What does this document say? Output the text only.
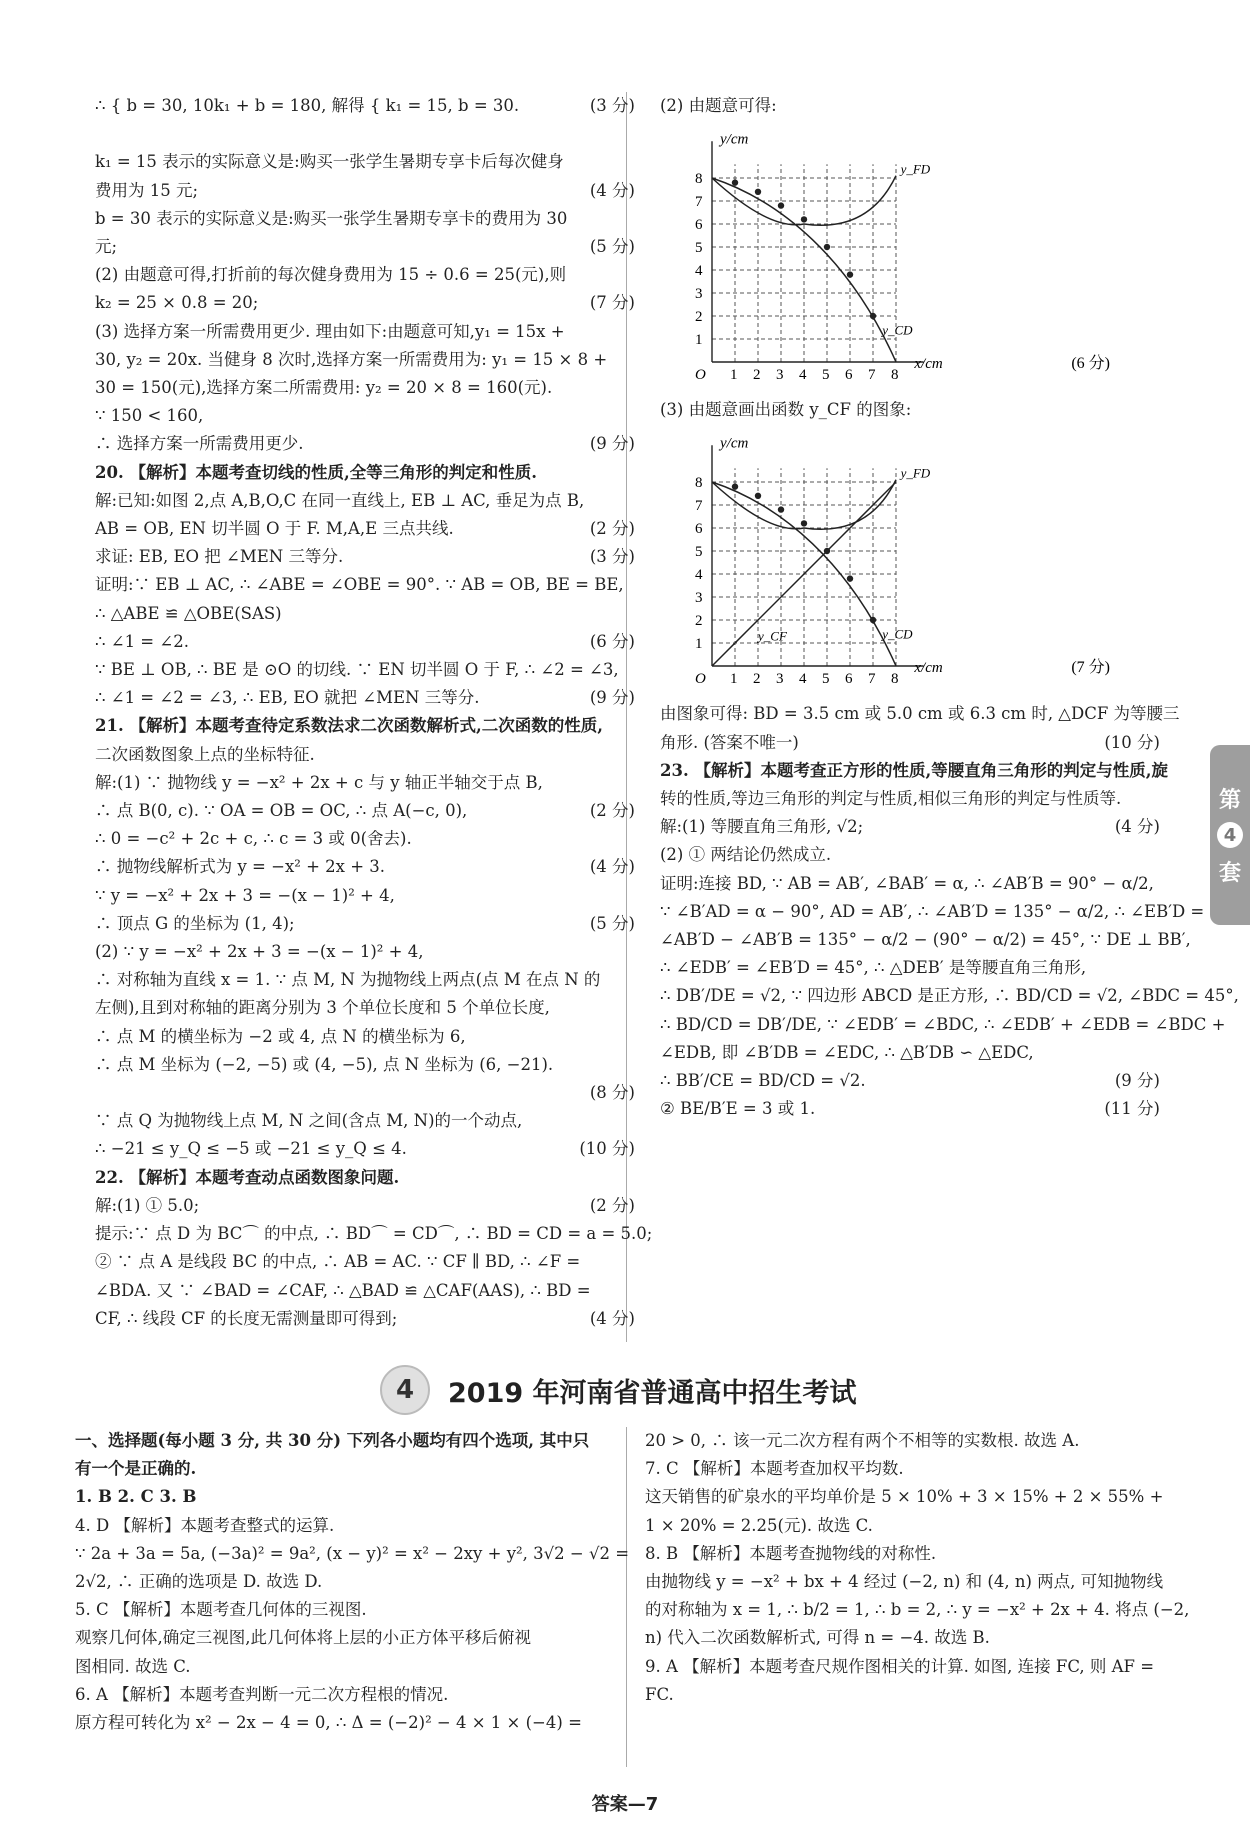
∴ { b = 30, 10k₁ + b = 180, 解得 { k₁ = 15, b = 30.	(3 分)
k₁ = 15 表示的实际意义是:购买一张学生暑期专享卡后每次健身
费用为 15 元;	(4 分)
b = 30 表示的实际意义是:购买一张学生暑期专享卡的费用为 30
元;	(5 分)
(2) 由题意可得,打折前的每次健身费用为 15 ÷ 0.6 = 25(元),则
k₂ = 25 × 0.8 = 20;	(7 分)
(3) 选择方案一所需费用更少. 理由如下:由题意可知,y₁ = 15x +
30, y₂ = 20x. 当健身 8 次时,选择方案一所需费用为: y₁ = 15 × 8 +
30 = 150(元),选择方案二所需费用: y₂ = 20 × 8 = 160(元).
∵ 150 < 160,
∴ 选择方案一所需费用更少.	(9 分)
20. 【解析】本题考查切线的性质,全等三角形的判定和性质.
解:已知:如图 2,点 A,B,O,C 在同一直线上, EB ⊥ AC, 垂足为点 B,
AB = OB, EN 切半圆 O 于 F. M,A,E 三点共线.	(2 分)
求证: EB, EO 把 ∠MEN 三等分.	(3 分)
证明:∵ EB ⊥ AC, ∴ ∠ABE = ∠OBE = 90°. ∵ AB = OB, BE = BE,
∴ △ABE ≌ △OBE(SAS)
∴ ∠1 = ∠2.	(6 分)
∵ BE ⊥ OB, ∴ BE 是 ⊙O 的切线. ∵ EN 切半圆 O 于 F, ∴ ∠2 = ∠3,
∴ ∠1 = ∠2 = ∠3, ∴ EB, EO 就把 ∠MEN 三等分.	(9 分)
21. 【解析】本题考查待定系数法求二次函数解析式,二次函数的性质,
二次函数图象上点的坐标特征.
解:(1) ∵ 抛物线 y = −x² + 2x + c 与 y 轴正半轴交于点 B,
∴ 点 B(0, c). ∵ OA = OB = OC, ∴ 点 A(−c, 0),	(2 分)
∴ 0 = −c² + 2c + c, ∴ c = 3 或 0(舍去).
∴ 抛物线解析式为 y = −x² + 2x + 3.	(4 分)
∵ y = −x² + 2x + 3 = −(x − 1)² + 4,
∴ 顶点 G 的坐标为 (1, 4);	(5 分)
(2) ∵ y = −x² + 2x + 3 = −(x − 1)² + 4,
∴ 对称轴为直线 x = 1. ∵ 点 M, N 为抛物线上两点(点 M 在点 N 的
左侧),且到对称轴的距离分别为 3 个单位长度和 5 个单位长度,
∴ 点 M 的横坐标为 −2 或 4, 点 N 的横坐标为 6,
∴ 点 M 坐标为 (−2, −5) 或 (4, −5), 点 N 坐标为 (6, −21).
(8 分)
∵ 点 Q 为抛物线上点 M, N 之间(含点 M, N)的一个动点,
∴ −21 ≤ y_Q ≤ −5 或 −21 ≤ y_Q ≤ 4.	(10 分)
22. 【解析】本题考查动点函数图象问题.
解:(1) ① 5.0;	(2 分)
提示:∵ 点 D 为 BC⌒ 的中点, ∴ BD⌒ = CD⌒, ∴ BD = CD = a = 5.0;
② ∵ 点 A 是线段 BC 的中点, ∴ AB = AC. ∵ CF ∥ BD, ∴ ∠F =
∠BDA. 又 ∵ ∠BAD = ∠CAF, ∴ △BAD ≌ △CAF(AAS), ∴ BD =
CF, ∴ 线段 CF 的长度无需测量即可得到;	(4 分)
(2) 由题意可得:
1
1
2
2
3
3
4
4
5
5
6
6
7
7
8
8
O
y/cm
x/cm	(6 分)
y_FD
y_CD
(3) 由题意画出函数 y_CF 的图象:
1
1
2
2
3
3
4
4
5
5
6
6
7
7
8
8
O
y/cm
x/cm	(7 分)
y_FD
y_CD
y_CF
由图象可得: BD = 3.5 cm 或 5.0 cm 或 6.3 cm 时, △DCF 为等腰三
角形. (答案不唯一)	(10 分)
23. 【解析】本题考查正方形的性质,等腰直角三角形的判定与性质,旋
转的性质,等边三角形的判定与性质,相似三角形的判定与性质等.
解:(1) 等腰直角三角形, √2;	(4 分)
(2) ① 两结论仍然成立.
证明:连接 BD, ∵ AB = AB′, ∠BAB′ = α, ∴ ∠AB′B = 90° − α/2,
∵ ∠B′AD = α − 90°, AD = AB′, ∴ ∠AB′D = 135° − α/2, ∴ ∠EB′D =
∠AB′D − ∠AB′B = 135° − α/2 − (90° − α/2) = 45°, ∵ DE ⊥ BB′,
∴ ∠EDB′ = ∠EB′D = 45°, ∴ △DEB′ 是等腰直角三角形,
∴ DB′/DE = √2, ∵ 四边形 ABCD 是正方形, ∴ BD/CD = √2, ∠BDC = 45°,
∴ BD/CD = DB′/DE, ∵ ∠EDB′ = ∠BDC, ∴ ∠EDB′ + ∠EDB = ∠BDC +
∠EDB, 即 ∠B′DB = ∠EDC, ∴ △B′DB ∽ △EDC,
∴ BB′/CE = BD/CD = √2.	(9 分)
② BE/B′E = 3 或 1.	(11 分)
第
4
套
4	2019 年河南省普通高中招生考试
一、选择题(每小题 3 分, 共 30 分) 下列各小题均有四个选项, 其中只
有一个是正确的.
1. B 2. C 3. B
4. D 【解析】本题考查整式的运算.
∵ 2a + 3a = 5a, (−3a)² = 9a², (x − y)² = x² − 2xy + y², 3√2 − √2 =
2√2, ∴ 正确的选项是 D. 故选 D.
5. C 【解析】本题考查几何体的三视图.
观察几何体,确定三视图,此几何体将上层的小正方体平移后俯视
图相同. 故选 C.
6. A 【解析】本题考查判断一元二次方程根的情况.
原方程可转化为 x² − 2x − 4 = 0, ∴ Δ = (−2)² − 4 × 1 × (−4) =
20 > 0, ∴ 该一元二次方程有两个不相等的实数根. 故选 A.
7. C 【解析】本题考查加权平均数.
这天销售的矿泉水的平均单价是 5 × 10% + 3 × 15% + 2 × 55% +
1 × 20% = 2.25(元). 故选 C.
8. B 【解析】本题考查抛物线的对称性.
由抛物线 y = −x² + bx + 4 经过 (−2, n) 和 (4, n) 两点, 可知抛物线
的对称轴为 x = 1, ∴ b/2 = 1, ∴ b = 2, ∴ y = −x² + 2x + 4. 将点 (−2,
n) 代入二次函数解析式, 可得 n = −4. 故选 B.
9. A 【解析】本题考查尺规作图相关的计算. 如图, 连接 FC, 则 AF =
FC.
答案—7
